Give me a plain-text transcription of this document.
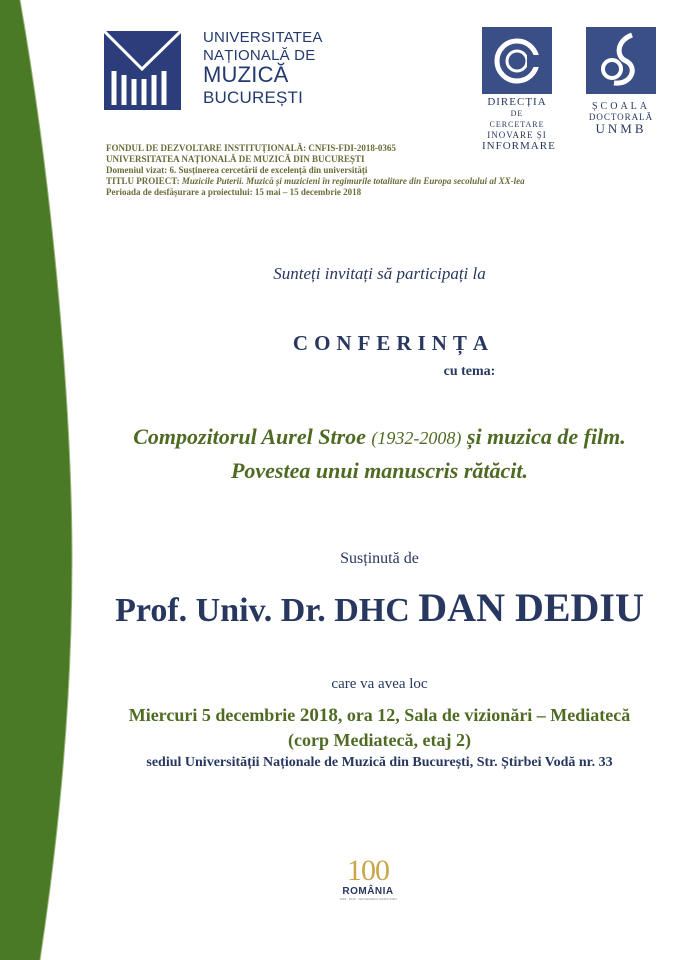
UNIVERSITATEA
NAȚIONALĂ DE
MUZICĂ
BUCUREȘTI	DIRECȚIA
DE CERCETARE
INOVARE ȘI
INFORMARE
ȘCOALA
DOCTORALĂ
UNMB
FONDUL DE DEZVOLTARE INSTITUȚIONALĂ: CNFIS-FDI-2018-0365
UNIVERSITATEA NAȚIONALĂ DE MUZICĂ DIN BUCUREȘTI
Domeniul vizat: 6. Susținerea cercetării de excelență din universități
TITLU PROIECT: Muzicile Puterii. Muzică și muzicieni în regimurile totalitare din Europa secolului al XX-lea
Perioada de desfășurare a proiectului: 15 mai – 15 decembrie 2018
Sunteți invitați să participați la
CONFERINȚA
cu tema:
Compozitorul Aurel Stroe (1932-2008) și muzica de film.
Povestea unui manuscris rătăcit.
Susținută de
Prof. Univ. Dr. DHC DAN DEDIU
care va avea loc
Miercuri 5 decembrie 2018, ora 12, Sala de vizionări – Mediatecă
(corp Mediatecă, etaj 2)
sediul Universității Naționale de Muzică din București, Str. Știrbei Vodă nr. 33
100
ROMÂNIA
1918 · 2018 · CENTENARUL MARII UNIRI
